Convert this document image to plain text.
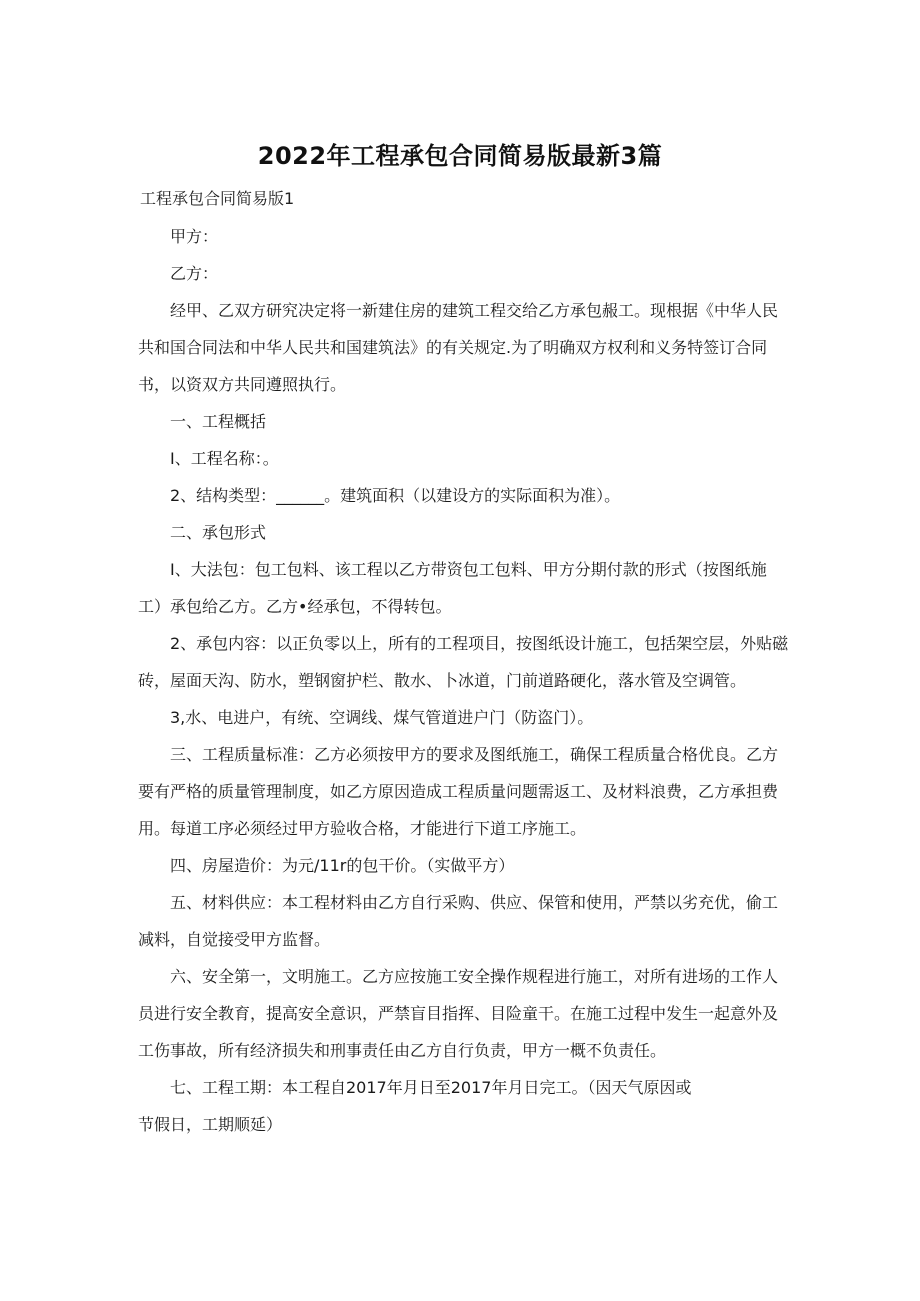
2022年工程承包合同简易版最新3篇
工程承包合同简易版1

甲方：

乙方：

经甲、乙双方研究决定将一新建住房的建筑工程交给乙方承包赧工。现根据《中华人民共和国合同法和中华人民共和国建筑法》的有关规定.为了明确双方权利和义务特签订合同书，以资双方共同遵照执行。

一、工程概括

I、工程名称：。

2、结构类型：______。建筑面积（以建设方的实际面积为准）。

二、承包形式

I、大法包：包工包料、该工程以乙方带资包工包料、甲方分期付款的形式（按图纸施工）承包给乙方。乙方•经承包，不得转包。

2、承包内容：以正负零以上，所有的工程项目，按图纸设计施工，包括架空层，外贴磁砖，屋面天沟、防水，塑钢窗护栏、散水、卜冰道，门前道路硬化，落水管及空调管。

3,水、电进户，有统、空调线、煤气管道进户门（防盗门）。

三、工程质量标准：乙方必须按甲方的要求及图纸施工，确保工程质量合格优良。乙方要有严格的质量管理制度，如乙方原因造成工程质量问题需返工、及材料浪费，乙方承担费用。每道工序必须经过甲方验收合格，才能进行下道工序施工。

四、房屋造价：为元/11r的包干价。（实做平方）

五、材料供应：本工程材料由乙方自行采购、供应、保管和使用，严禁以劣充优，偷工减料，自觉接受甲方监督。

六、安全第一，文明施工。乙方应按施工安全操作规程进行施工，对所有进场的工作人员进行安全教育，提高安全意识，严禁盲目指挥、目险童干。在施工过程中发生一起意外及工伤事故，所有经济损失和刑事责任由乙方自行负责，甲方一概不负责任。

七、工程工期：本工程自2017年月日至2017年月日完工。（因天气原因或节假日，工期顺延）
